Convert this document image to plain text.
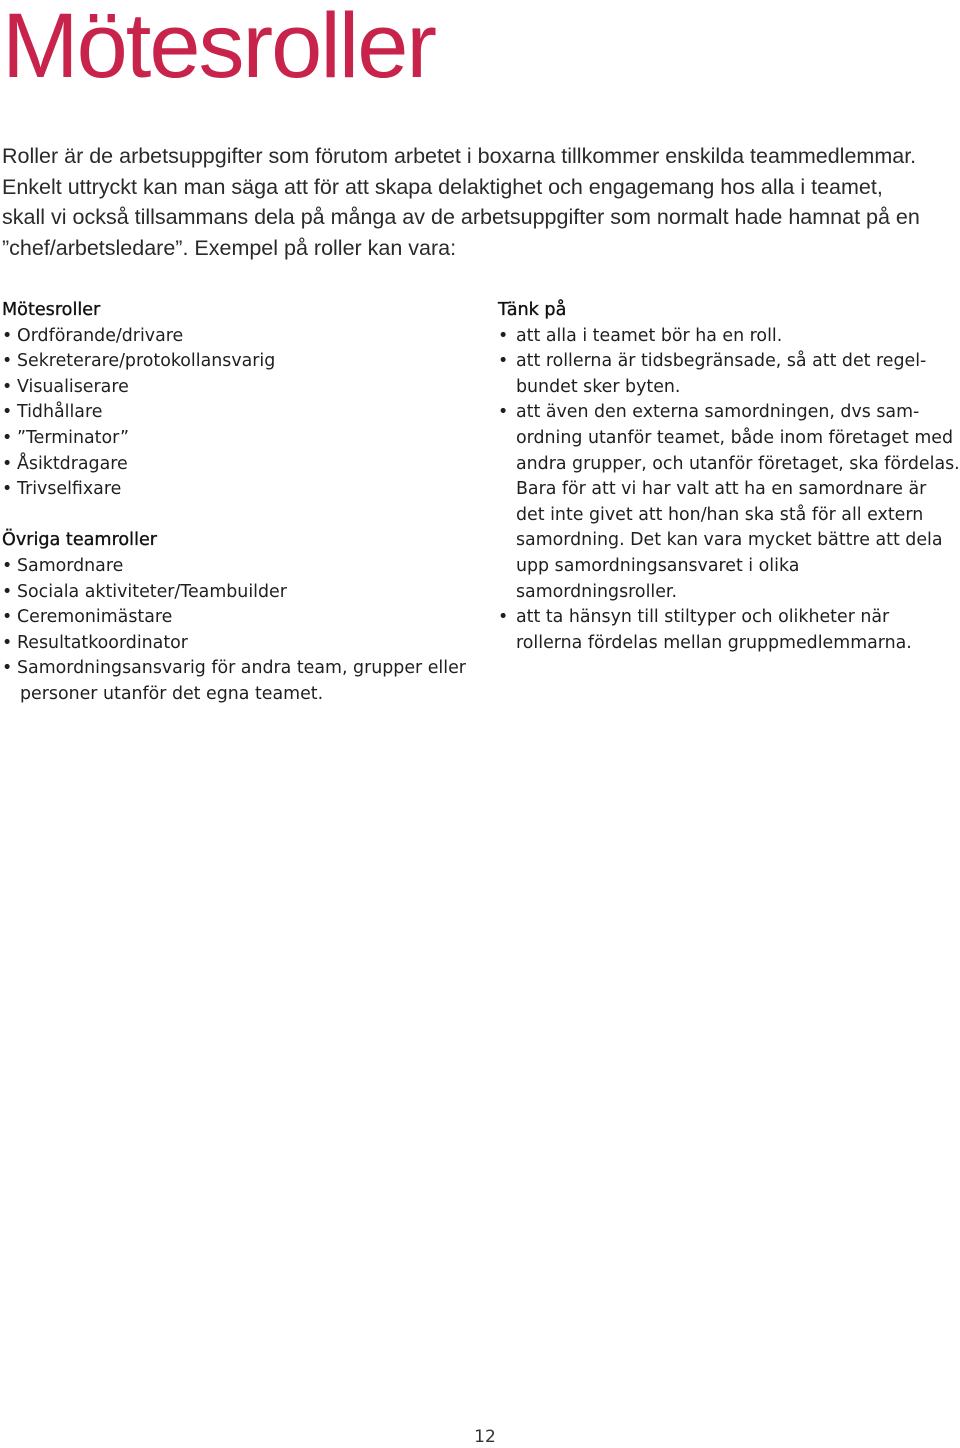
Mötesroller

Roller är de arbetsuppgifter som förutom arbetet i boxarna tillkommer enskilda teammedlemmar. Enkelt uttryckt kan man säga att för att skapa delaktighet och engagemang hos alla i teamet, skall vi också tillsammans dela på många av de arbetsuppgifter som normalt hade hamnat på en ”chef/arbetsledare”. Exempel på roller kan vara:

Mötesroller
• Ordförande/drivare
• Sekreterare/protokollansvarig
• Visualiserare
• Tidhållare
• ”Terminator”
• Åsiktdragare
• Trivselfixare
Övriga teamroller
• Samordnare
• Sociala aktiviteter/Teambuilder
• Ceremonimästare
• Resultatkoordinator
• Samordningsansvarig för andra team, grupper eller
personer utanför det egna teamet.
Tänk på
• att alla i teamet bör ha en roll.
• att rollerna är tidsbegränsade, så att det regelbundet sker byten.
• att även den externa samordningen, dvs samordning utanför teamet, både inom företaget med andra grupper, och utanför företaget, ska fördelas. Bara för att vi har valt att ha en samordnare är det inte givet att hon/han ska stå för all extern samordning. Det kan vara mycket bättre att dela upp samordningsansvaret i olika samordningsroller.
• att ta hänsyn till stiltyper och olikheter när rollerna fördelas mellan gruppmedlemmarna.
12
